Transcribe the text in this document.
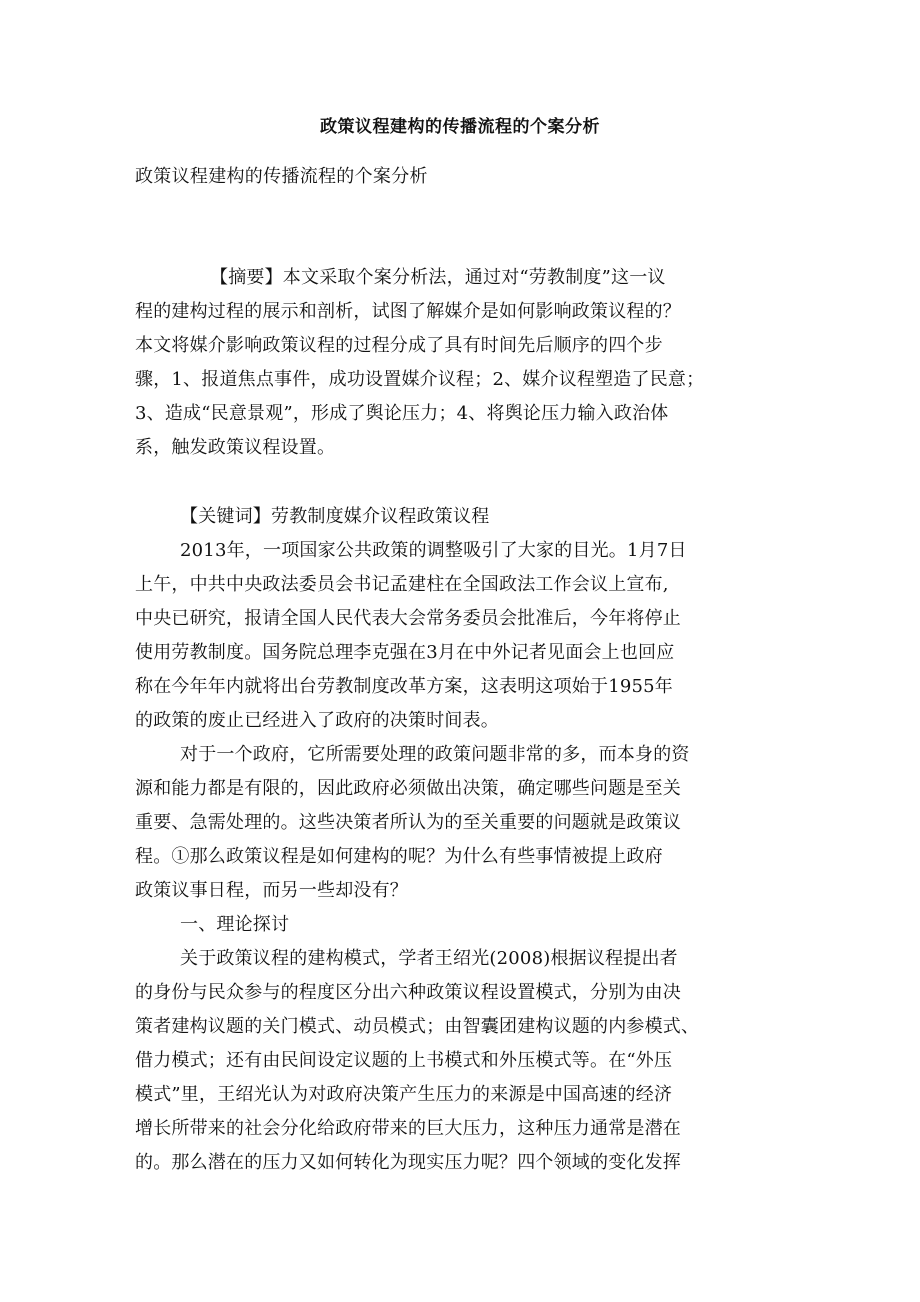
政策议程建构的传播流程的个案分析
政策议程建构的传播流程的个案分析
【摘要】本文采取个案分析法，通过对“劳教制度”这一议
程的建构过程的展示和剖析，试图了解媒介是如何影响政策议程的？
本文将媒介影响政策议程的过程分成了具有时间先后顺序的四个步
骤，1、报道焦点事件，成功设置媒介议程；2、媒介议程塑造了民意；
3、造成“民意景观”，形成了舆论压力；4、将舆论压力输入政治体
系，触发政策议程设置。
【关键词】劳教制度媒介议程政策议程
2013年，一项国家公共政策的调整吸引了大家的目光。1月7日
上午，中共中央政法委员会书记孟建柱在全国政法工作会议上宣布,
中央已研究，报请全国人民代表大会常务委员会批准后，今年将停止
使用劳教制度。国务院总理李克强在3月在中外记者见面会上也回应
称在今年年内就将出台劳教制度改革方案，这表明这项始于1955年
的政策的废止已经进入了政府的决策时间表。
对于一个政府，它所需要处理的政策问题非常的多，而本身的资
源和能力都是有限的，因此政府必须做出决策，确定哪些问题是至关
重要、急需处理的。这些决策者所认为的至关重要的问题就是政策议
程。①那么政策议程是如何建构的呢？为什么有些事情被提上政府
政策议事日程，而另一些却没有？
一、理论探讨
关于政策议程的建构模式，学者王绍光(2008)根据议程提出者
的身份与民众参与的程度区分出六种政策议程设置模式，分别为由决
策者建构议题的关门模式、动员模式；由智囊团建构议题的内参模式、
借力模式；还有由民间设定议题的上书模式和外压模式等。在“外压
模式”里，王绍光认为对政府决策产生压力的来源是中国高速的经济
增长所带来的社会分化给政府带来的巨大压力，这种压力通常是潜在
的。那么潜在的压力又如何转化为现实压力呢？四个领域的变化发挥
